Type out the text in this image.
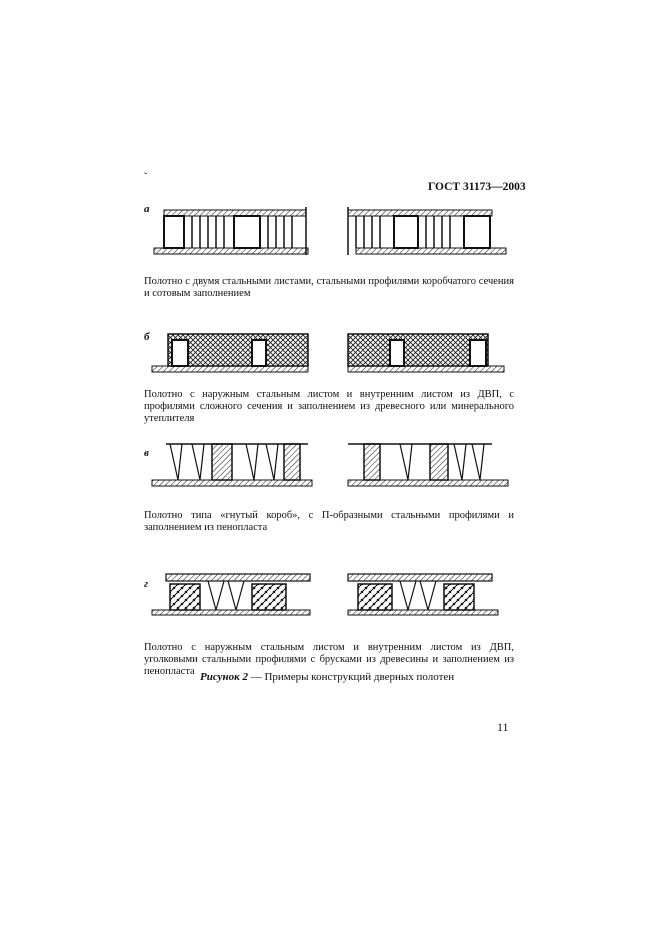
ˇ
ГОСТ 31173—2003
а
Полотно с двумя стальными листами, стальными профилями коробчатого сечения и сотовым заполнением
б
Полотно с наружным стальным листом и внутренним листом из ДВП, с профилями сложного сечения и заполнением из древесного или минерального утеплителя
в
Полотно типа «гнутый короб», с П-образными стальными профилями и заполнением из пенопласта
г
Полотно с наружным стальным листом и внутренним листом из ДВП, уголковыми стальными профилями с брусками из древесины и заполнением из пенопласта Рисунок 2 — Примеры конструкций дверных полотен
11
